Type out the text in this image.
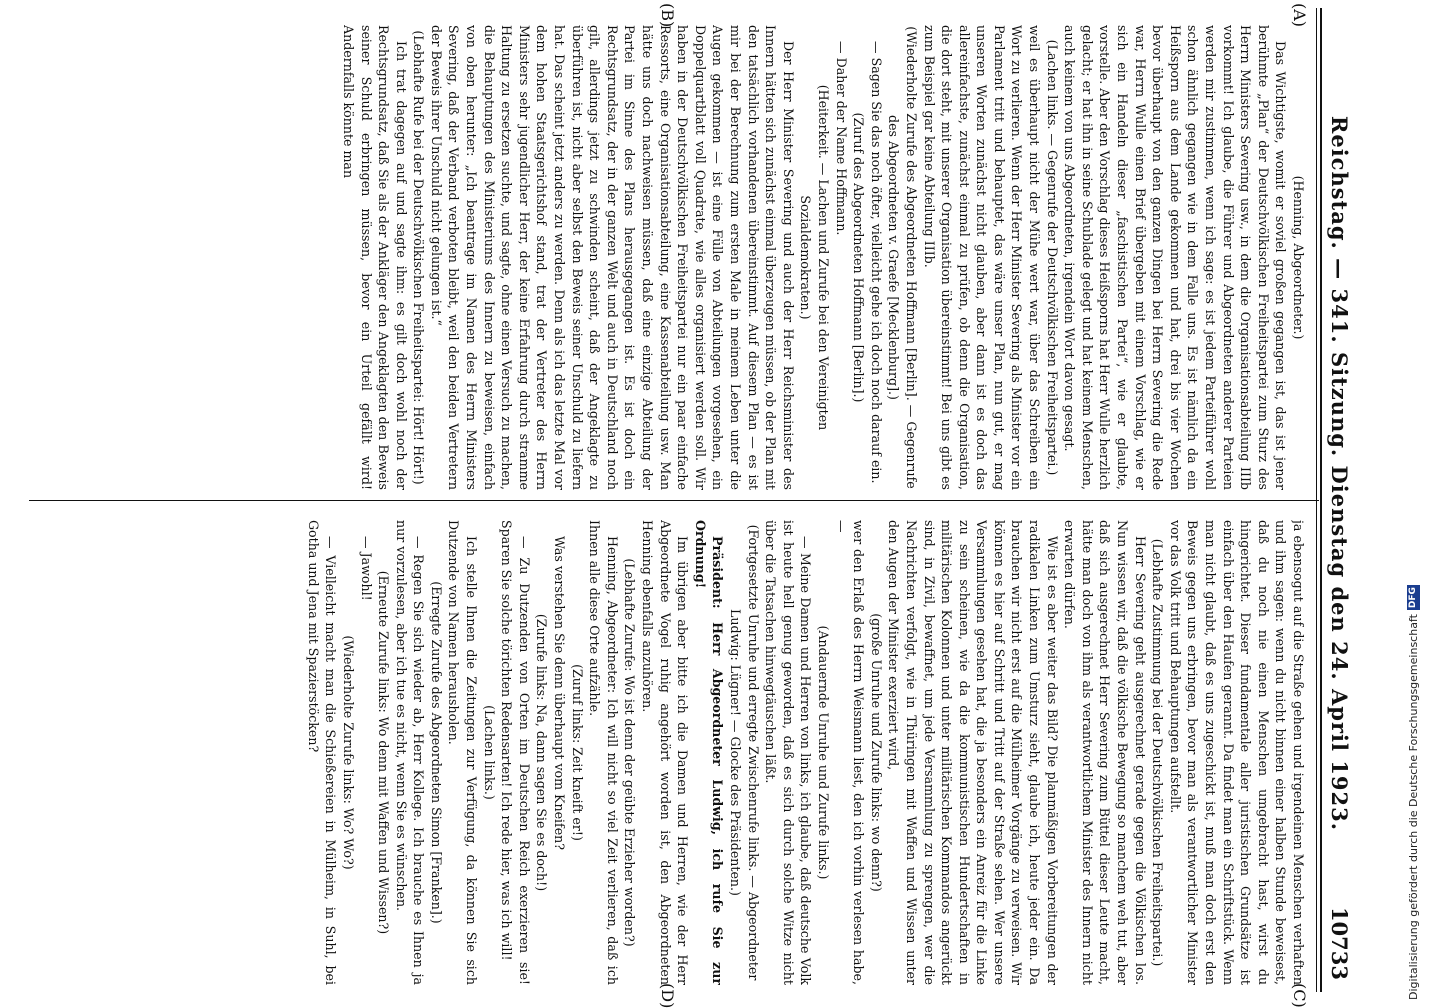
Reichstag. — 341. Sitzung. Dienstag den 24. April 1923.
10733
(A)
(B)
(C)
(D)

(Henning, Abgeordneter.)

Das Wichtigste, womit er soviel großen gegangen ist, das ist jener berühmte „Plan“ der Deutschvölkischen Freiheitspartei zum Sturz des Herrn Ministers Severing usw., in dem die Organisationsabteilung IIIb vorkommt! Ich glaube, die Führer und Abgeordneten anderer Parteien werden mir zustimmen, wenn ich sage: es ist jedem Parteiführer wohl schon ähnlich gegangen wie in dem Falle uns. Es ist nämlich da ein Heißsporn aus dem Lande gekommen und hat, drei bis vier Wochen bevor überhaupt von den ganzen Dingen bei Herrn Severing die Rede war, Herrn Wulle einen Brief übergeben mit einem Vorschlag, wie er sich ein Handeln dieser „faschistischen Partei“, wie er glaubte, vorstelle. Aber den Vorschlag dieses Heißsporns hat Herr Wulle herzlich gelacht; er hat ihn in seine Schublade gelegt und hat keinem Menschen, auch keinem von uns Abgeordneten, irgendein Wort davon gesagt.

(Lachen links. — Gegenrufe der Deutschvölkischen Freiheitspartei.)

weil es überhaupt nicht der Mühe wert war, über das Schreiben ein Wort zu verlieren. Wenn der Herr Minister Severing als Minister vor ein Parlament tritt und behauptet, das wäre unser Plan, nun gut, er mag unseren Worten zunächst nicht glauben, aber dann ist es doch das allereinfachste, zunächst einmal zu prüfen, ob denn die Organisation, die dort steht, mit unserer Organisation übereinstimmt! Bei uns gibt es zum Beispiel gar keine Abteilung IIIb.

(Wiederholte Zurufe des Abgeordneten Hoffmann [Berlin]. — Gegenrufe des Abgeordneten v. Graefe [Mecklenburg].)

— Sagen Sie das noch öfter, vielleicht gehe ich doch noch darauf ein.

(Zuruf des Abgeordneten Hoffmann [Berlin].)

— Daher der Name Hoffmann.

(Heiterkeit. — Lachen und Zurufe bei den Vereinigten Sozialdemokraten.)

Der Herr Minister Severing und auch der Herr Reichsminister des Innern hätten sich zunächst einmal überzeugen müssen, ob der Plan mit den tatsächlich vorhandenen übereinstimmt. Auf diesem Plan — es ist mir bei der Berechnung zum ersten Male in meinem Leben unter die Augen gekommen — ist eine Fülle von Abteilungen vorgesehen, ein Doppelquartblatt voll Quadrate, wie alles organisiert werden soll. Wir haben in der Deutschvölkischen Freiheitspartei nur ein paar einfache Ressorts, eine Organisationsabteilung, eine Kassenabteilung usw. Man hätte uns doch nachweisen müssen, daß eine einzige Abteilung der Partei im Sinne des Plans herausgegangen ist. Es ist doch ein Rechtsgrundsatz, der in der ganzen Welt und auch in Deutschland noch gilt, allerdings jetzt zu schwinden scheint, daß der Angeklagte zu überführen ist, nicht aber selbst den Beweis seiner Unschuld zu liefern hat. Das scheint jetzt anders zu werden. Denn als ich das letzte Mal vor dem hohen Staatsgerichtshof stand, trat der Vertreter des Herrn Ministers sehr jugendlicher Herr, der keine Erfahrung durch stramme Haltung zu ersetzen suchte, und sagte, ohne einen Versuch zu machen, die Behauptungen des Ministeriums des Innern zu beweisen, einfach von oben herunter: „Ich beantrage im Namen des Herrn Ministers Severing, daß der Verband verboten bleibt, weil den beiden Vertretern der Beweis ihrer Unschuld nicht gelungen ist.“

(Lebhafte Rufe bei der Deutschvölkischen Freiheitspartei: Hört! Hört!)

Ich trat dagegen auf und sagte ihm: es gilt doch wohl noch der Rechtsgrundsatz, daß Sie als der Ankläger den Angeklagten den Beweis seiner Schuld erbringen müssen, bevor ein Urteil gefällt wird! Andernfalls könnte man

ja ebensogut auf die Straße gehen und irgendeinen Menschen verhaften und ihm sagen: wenn du nicht binnen einer halben Stunde beweisest, daß du noch nie einen Menschen umgebracht hast, wirst du hingerichtet. Dieser fundamentale aller juristischen Grundsätze ist einfach über den Haufen gerannt. Da findet man ein Schriftstück. Wenn man nicht glaubt, daß es uns zugeschickt ist, muß man doch erst den Beweis gegen uns erbringen, bevor man als verantwortlicher Minister vor das Volk tritt und Behauptungen aufstellt.

(Lebhafte Zustimmung bei der Deutschvölkischen Freiheitspartei.)

Herr Severing geht ausgerechnet gerade gegen die Völkischen los. Nun wissen wir, daß die völkische Bewegung so manchem weh tut, aber daß sich ausgerechnet Herr Severing zum Büttel dieser Leute macht, hätte man doch von ihm als verantwortlichem Minister des Innern nicht erwarten dürfen.

Wie ist es aber weiter das Bild? Die planmäßigen Vorbereitungen der radikalen Linken zum Umsturz sieht, glaube ich, heute jeder ein. Da brauchen wir nicht erst auf die Mülheimer Vorgänge zu verweisen. Wir können es hier auf Schritt und Tritt auf der Straße sehen. Wer unsere Versammlungen gesehen hat, die ja besonders ein Anreiz für die Linke zu sein scheinen, wie da die kommunistischen Hundertschaften in militärischen Kolonnen und unter militärischen Kommandos angerückt sind, in Zivil, bewaffnet, um jede Versammlung zu sprengen, wer die Nachrichten verfolgt, wie in Thüringen mit Waffen und Wissen unter den Augen der Minister exerziert wird,

(große Unruhe und Zurufe links: wo denn?)

wer den Erlaß des Herrn Weismann liest, den ich vorhin verlesen habe, —

(Andauernde Unruhe und Zurufe links.)

— Meine Damen und Herren von links, ich glaube, daß deutsche Volk ist heute hell genug geworden, daß es sich durch solche Witze nicht über die Tatsachen hinwegtäuschen läßt.

(Fortgesetzte Unruhe und erregte Zwischenrufe links. — Abgeordneter Ludwig: Lügner! — Glocke des Präsidenten.)

Präsident: Herr Abgeordneter Ludwig, ich rufe Sie zur Ordnung!

Im übrigen aber bitte ich die Damen und Herren, wie der Herr Abgeordnete Vogel ruhig angehört worden ist, den Abgeordneten Henning ebenfalls anzuhören.

(Lebhafte Zurufe: Wo ist denn der geübte Erzieher worden?)

Henning, Abgeordneter: Ich will nicht so viel Zeit verlieren, daß ich Ihnen alle diese Orte aufzähle.

(Zuruf links: Zeit kneift er!)

Was verstehen Sie denn überhaupt vom Kneifen?

(Zurufe links: Na, dann sagen Sie es doch!)

— Zu Dutzenden von Orten im Deutschen Reich exerzieren sie! Sparen Sie solche törichten Redensarten! Ich rede hier, was ich will!

(Lachen links.)

Ich stelle Ihnen die Zeitungen zur Verfügung, da können Sie sich Dutzende von Namen herausholen.

(Erregte Zurufe des Abgeordneten Simon [Franken].)

— Regen Sie sich wieder ab, Herr Kollege. Ich brauche es Ihnen ja nur vorzulesen, aber ich tue es nicht, wenn Sie es wünschen.

(Erneute Zurufe links: Wo denn mit Waffen und Wissen?)

— Jawohl!

(Wiederholte Zurufe links: Wo? Wo?)

— Vielleicht macht man die Schießereien in Mülheim, in Suhl, bei Gotha und Jena mit Spazierstöcken?	Digitalisierung gefördert durch die Deutsche Forschungsgemeinschaft
DFG
